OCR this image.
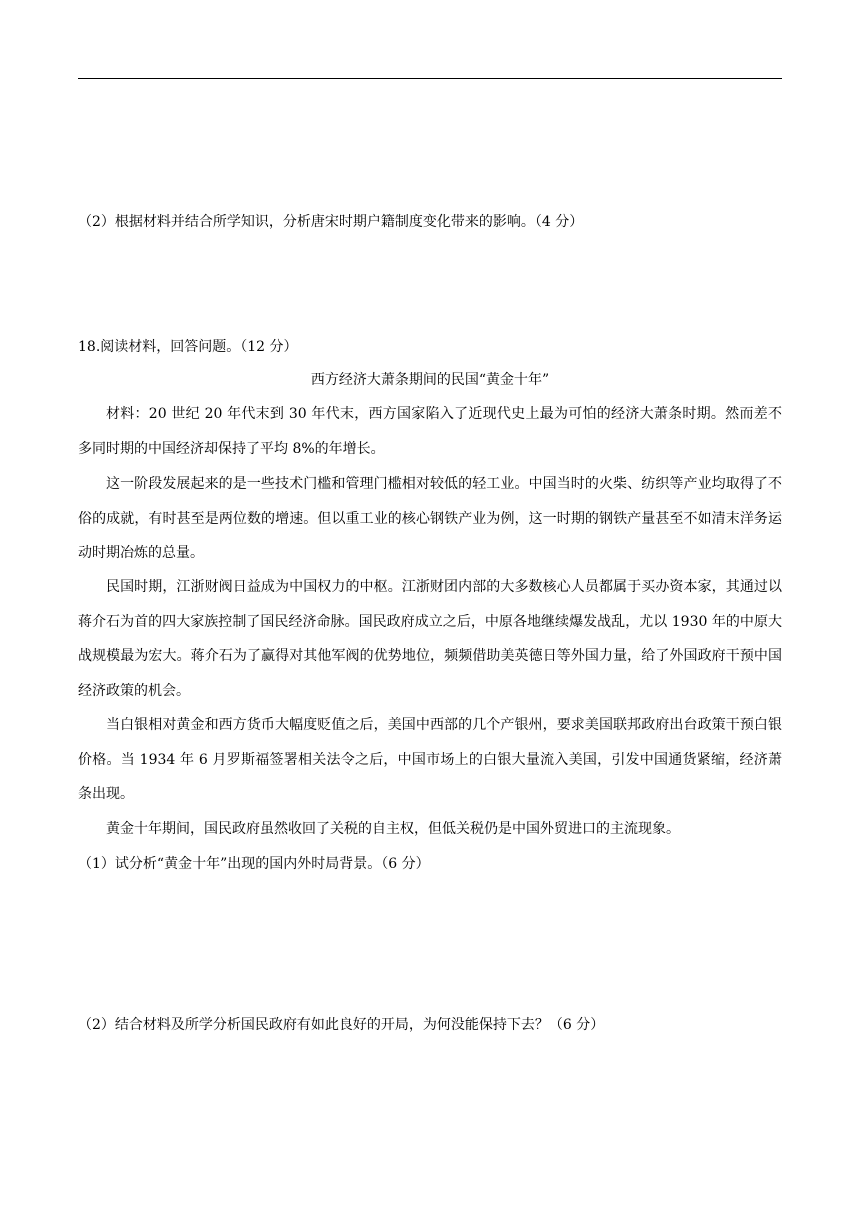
（2）根据材料并结合所学知识，分析唐宋时期户籍制度变化带来的影响。（4 分）
18.阅读材料，回答问题。（12 分）
西方经济大萧条期间的民国“黄金十年”

材料：20 世纪 20 年代末到 30 年代末，西方国家陷入了近现代史上最为可怕的经济大萧条时期。然而差不多同时期的中国经济却保持了平均 8%的年增长。

这一阶段发展起来的是一些技术门槛和管理门槛相对较低的轻工业。中国当时的火柴、纺织等产业均取得了不俗的成就，有时甚至是两位数的增速。但以重工业的核心钢铁产业为例，这一时期的钢铁产量甚至不如清末洋务运动时期冶炼的总量。

民国时期，江浙财阀日益成为中国权力的中枢。江浙财团内部的大多数核心人员都属于买办资本家，其通过以蒋介石为首的四大家族控制了国民经济命脉。国民政府成立之后，中原各地继续爆发战乱，尤以 1930 年的中原大战规模最为宏大。蒋介石为了赢得对其他军阀的优势地位，频频借助美英德日等外国力量，给了外国政府干预中国经济政策的机会。

当白银相对黄金和西方货币大幅度贬值之后，美国中西部的几个产银州，要求美国联邦政府出台政策干预白银价格。当 1934 年 6 月罗斯福签署相关法令之后，中国市场上的白银大量流入美国，引发中国通货紧缩，经济萧条出现。

黄金十年期间，国民政府虽然收回了关税的自主权，但低关税仍是中国外贸进口的主流现象。

（1）试分析“黄金十年”出现的国内外时局背景。（6 分）
（2）结合材料及所学分析国民政府有如此良好的开局，为何没能保持下去？（6 分）
